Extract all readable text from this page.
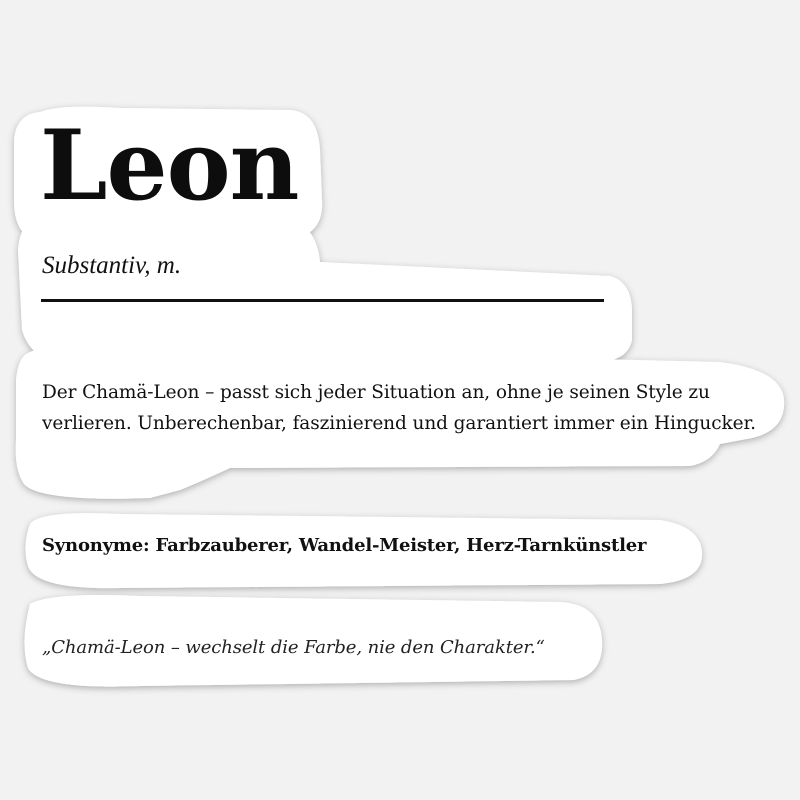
Leon
Substantiv, m.
Der Chamä-Leon – passt sich jeder Situation an, ohne je seinen Style zu verlieren. Unberechenbar, faszinierend und garantiert immer ein Hingucker.
Synonyme: Farbzauberer, Wandel-Meister, Herz-Tarnkünstler
„Chamä-Leon – wechselt die Farbe, nie den Charakter.“
